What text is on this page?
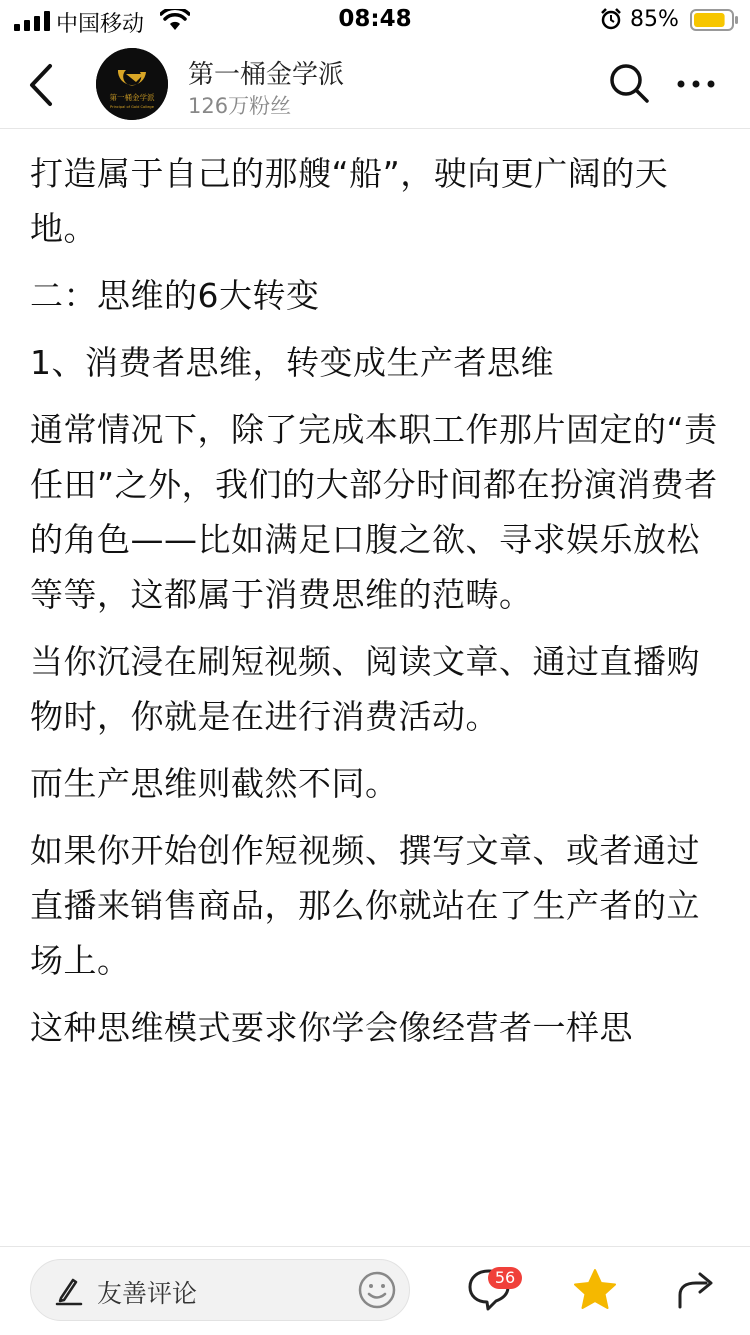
中国移动	08:48	85%
第一桶金学派
Principal of Gold College
第一桶金学派
126万粉丝

打造属于自己的那艘“船”，驶向更广阔的天地。

二：思维的6大转变

1、消费者思维，转变成生产者思维

通常情况下，除了完成本职工作那片固定的“责任田”之外，我们的大部分时间都在扮演消费者的角色——比如满足口腹之欲、寻求娱乐放松等等，这都属于消费思维的范畴。

当你沉浸在刷短视频、阅读文章、通过直播购物时，你就是在进行消费活动。

而生产思维则截然不同。

如果你开始创作短视频、撰写文章、或者通过直播来销售商品，那么你就站在了生产者的立场上。

这种思维模式要求你学会像经营者一样思

友善评论
56
